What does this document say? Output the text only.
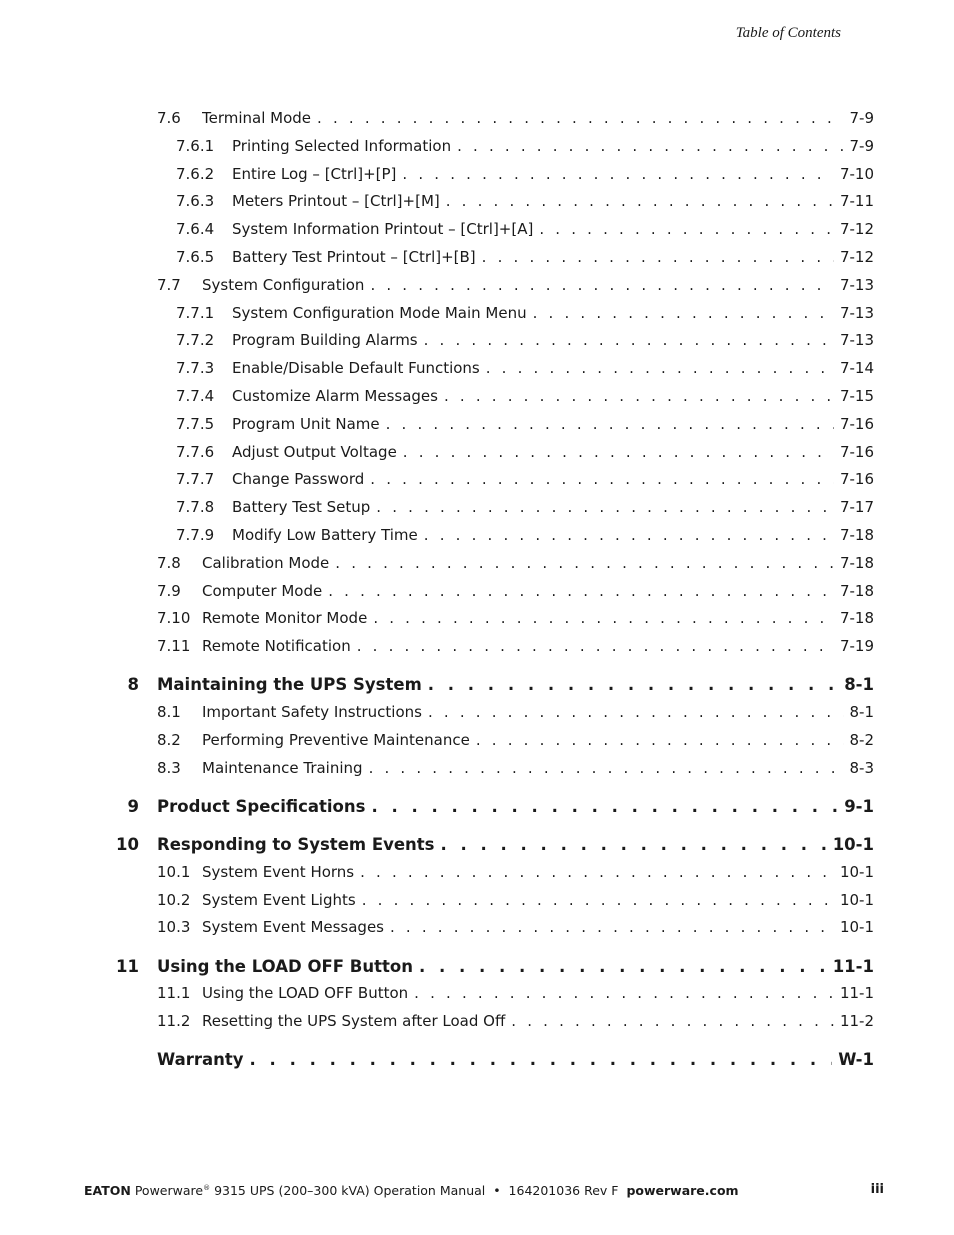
Table of Contents
7.6 Terminal Mode . . .	7-9
7.6.1 Printing Selected Information . . .	7-9
7.6.2 Entire Log – [Ctrl]+[P] . . .	7-10
7.6.3 Meters Printout – [Ctrl]+[M] . . .	7-11
7.6.4 System Information Printout – [Ctrl]+[A] . . .	7-12
7.6.5 Battery Test Printout – [Ctrl]+[B] . . .	7-12
7.7 System Configuration . . .	7-13
7.7.1 System Configuration Mode Main Menu . . .	7-13
7.7.2 Program Building Alarms . . .	7-13
7.7.3 Enable/Disable Default Functions . . .	7-14
7.7.4 Customize Alarm Messages . . .	7-15
7.7.5 Program Unit Name . . .	7-16
7.7.6 Adjust Output Voltage . . .	7-16
7.7.7 Change Password . . .	7-16
7.7.8 Battery Test Setup . . .	7-17
7.7.9 Modify Low Battery Time . . .	7-18
7.8 Calibration Mode . . .	7-18
7.9 Computer Mode . . .	7-18
7.10 Remote Monitor Mode . . .	7-18
7.11 Remote Notification . . .	7-19
8 Maintaining the UPS System . . .	8-1
8.1 Important Safety Instructions . . .	8-1
8.2 Performing Preventive Maintenance . . .	8-2
8.3 Maintenance Training . . .	8-3
9 Product Specifications . . .	9-1
10 Responding to System Events . . .	10-1
10.1 System Event Horns . . .	10-1
10.2 System Event Lights . . .	10-1
10.3 System Event Messages . . .	10-1
11 Using the LOAD OFF Button . . .	11-1
11.1 Using the LOAD OFF Button . . .	11-1
11.2 Resetting the UPS System after Load Off . . .	11-2
Warranty . . .	W-1
EATON Powerware® 9315 UPS (200–300 kVA) Operation Manual • 164201036 Rev F powerware.com	iii
